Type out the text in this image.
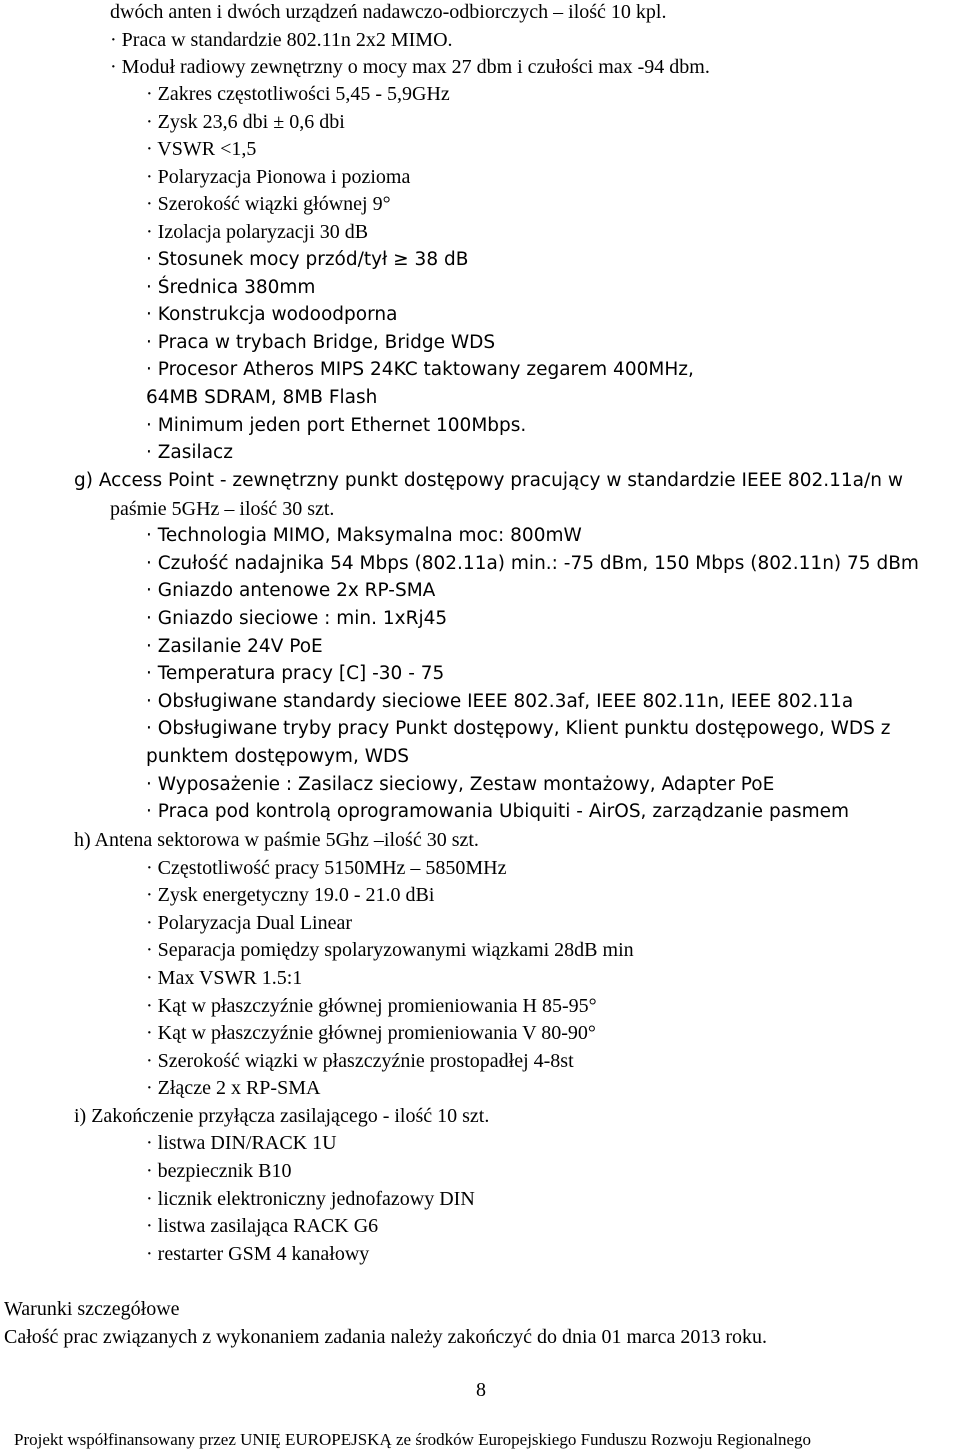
dwóch anten i dwóch urządzeń nadawczo-odbiorczych – ilość 10 kpl.
· Praca w standardzie 802.11n 2x2 MIMO.
· Moduł radiowy zewnętrzny o mocy max 27 dbm i czułości max -94 dbm.
· Zakres częstotliwości 5,45 - 5,9GHz
· Zysk 23,6 dbi ± 0,6 dbi
· VSWR <1,5
· Polaryzacja Pionowa i pozioma
· Szerokość wiązki głównej 9°
· Izolacja polaryzacji 30 dB
· Stosunek mocy przód/tył ≥ 38 dB
· Średnica 380mm
· Konstrukcja wodoodporna
· Praca w trybach Bridge, Bridge WDS
· Procesor Atheros MIPS 24KC taktowany zegarem 400MHz,
64MB SDRAM, 8MB Flash
· Minimum jeden port Ethernet 100Mbps.
· Zasilacz
g) Access Point - zewnętrzny punkt dostępowy pracujący w standardzie IEEE 802.11a/n w
paśmie 5GHz – ilość 30 szt.
· Technologia MIMO, Maksymalna moc: 800mW
· Czułość nadajnika 54 Mbps (802.11a) min.: -75 dBm, 150 Mbps (802.11n) 75 dBm
· Gniazdo antenowe 2x RP-SMA
· Gniazdo sieciowe : min. 1xRj45
· Zasilanie 24V PoE
· Temperatura pracy [C] -30 - 75
· Obsługiwane standardy sieciowe IEEE 802.3af, IEEE 802.11n, IEEE 802.11a
· Obsługiwane tryby pracy Punkt dostępowy, Klient punktu dostępowego, WDS z
punktem dostępowym, WDS
· Wyposażenie : Zasilacz sieciowy, Zestaw montażowy, Adapter PoE
· Praca pod kontrolą oprogramowania Ubiquiti - AirOS, zarządzanie pasmem
h) Antena sektorowa w paśmie 5Ghz –ilość 30 szt.
· Częstotliwość pracy 5150MHz – 5850MHz
· Zysk energetyczny 19.0 - 21.0 dBi
· Polaryzacja Dual Linear
· Separacja pomiędzy spolaryzowanymi wiązkami 28dB min
· Max VSWR 1.5:1
· Kąt w płaszczyźnie głównej promieniowania H 85-95°
· Kąt w płaszczyźnie głównej promieniowania V 80-90°
· Szerokość wiązki w płaszczyźnie prostopadłej 4-8st
· Złącze 2 x RP-SMA
i) Zakończenie przyłącza zasilającego - ilość 10 szt.
· listwa DIN/RACK 1U
· bezpiecznik B10
· licznik elektroniczny jednofazowy DIN
· listwa zasilająca RACK G6
· restarter GSM 4 kanałowy
Warunki szczegółowe
Całość prac związanych z wykonaniem zadania należy zakończyć do dnia 01 marca 2013 roku.
8
Projekt współfinansowany przez UNIĘ EUROPEJSKĄ ze środków Europejskiego Funduszu Rozwoju Regionalnego
